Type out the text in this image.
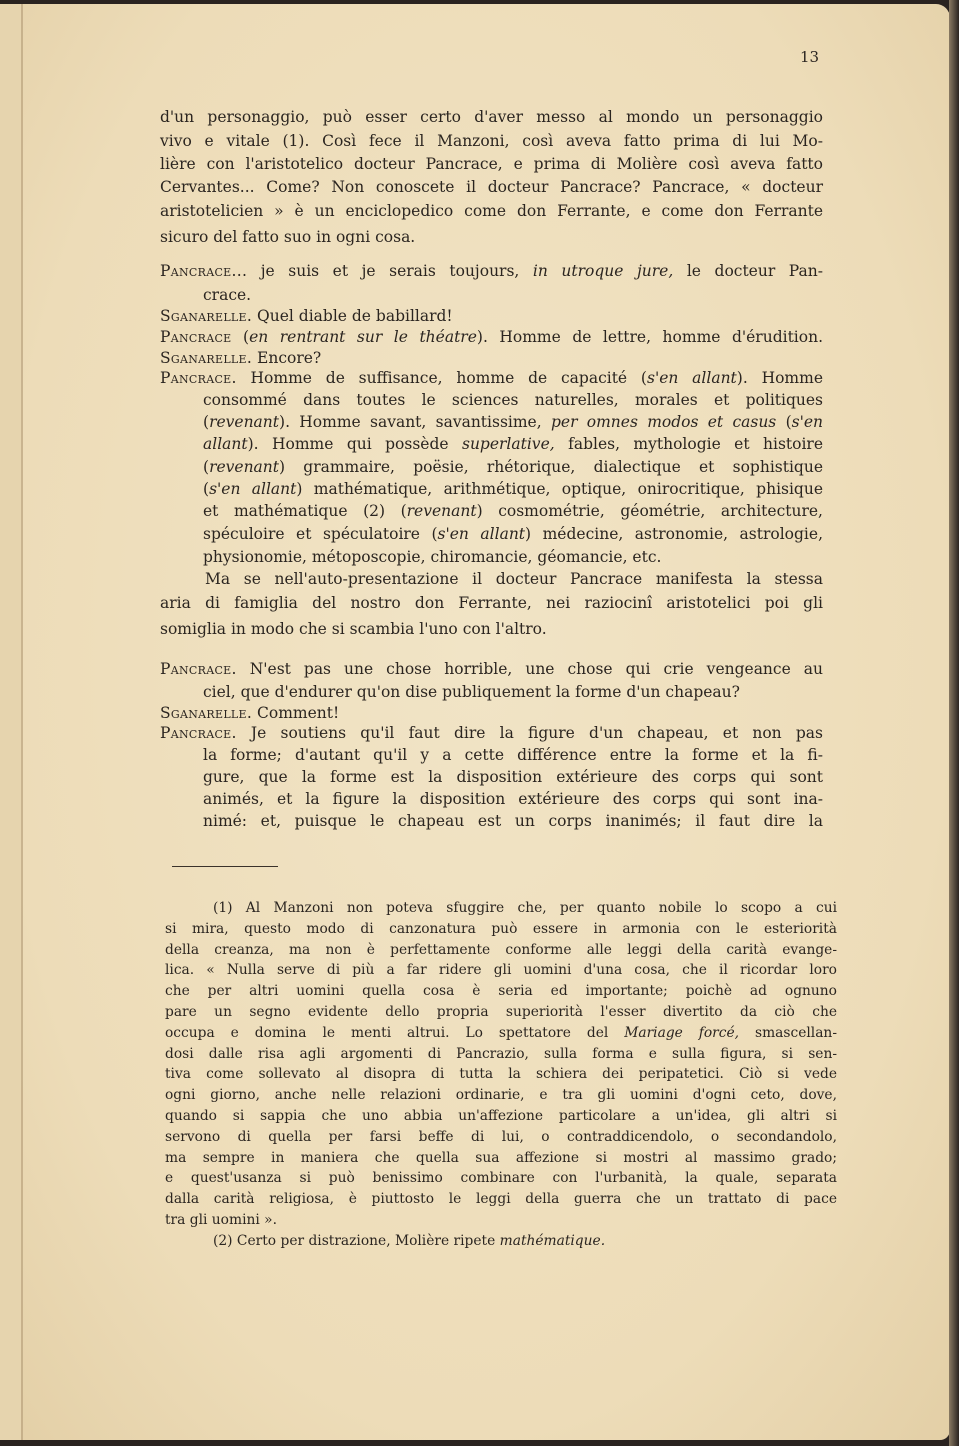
13
d'un personaggio, può esser certo d'aver messo al mondo un personaggio
vivo e vitale (1). Così fece il Manzoni, così aveva fatto prima di lui Mo-
lière con l'aristotelico docteur Pancrace, e prima di Molière così aveva fatto
Cervantes... Come? Non conoscete il docteur Pancrace? Pancrace, « docteur
aristotelicien » è un enciclopedico come don Ferrante, e come don Ferrante
sicuro del fatto suo in ogni cosa.
Pancrace... je suis et je serais toujours, in utroque jure, le docteur Pan-
crace.
Sganarelle. Quel diable de babillard!
Pancrace (en rentrant sur le théatre). Homme de lettre, homme d'érudition.
Sganarelle. Encore?
Pancrace. Homme de suffisance, homme de capacité (s'en allant). Homme
consommé dans toutes le sciences naturelles, morales et politiques
(revenant). Homme savant, savantissime, per omnes modos et casus (s'en
allant). Homme qui possède superlative, fables, mythologie et histoire
(revenant) grammaire, poësie, rhétorique, dialectique et sophistique
(s'en allant) mathématique, arithmétique, optique, onirocritique, phisique
et mathématique (2) (revenant) cosmométrie, géométrie, architecture,
spéculoire et spéculatoire (s'en allant) médecine, astronomie, astrologie,
physionomie, métoposcopie, chiromancie, géomancie, etc.
Ma se nell'auto-presentazione il docteur Pancrace manifesta la stessa
aria di famiglia del nostro don Ferrante, nei raziocinî aristotelici poi gli
somiglia in modo che si scambia l'uno con l'altro.
Pancrace. N'est pas une chose horrible, une chose qui crie vengeance au
ciel, que d'endurer qu'on dise publiquement la forme d'un chapeau?
Sganarelle. Comment!
Pancrace. Je soutiens qu'il faut dire la figure d'un chapeau, et non pas
la forme; d'autant qu'il y a cette différence entre la forme et la fi-
gure, que la forme est la disposition extérieure des corps qui sont
animés, et la figure la disposition extérieure des corps qui sont ina-
nimé: et, puisque le chapeau est un corps inanimés; il faut dire la
(1) Al Manzoni non poteva sfuggire che, per quanto nobile lo scopo a cui
si mira, questo modo di canzonatura può essere in armonia con le esteriorità
della creanza, ma non è perfettamente conforme alle leggi della carità evange-
lica. « Nulla serve di più a far ridere gli uomini d'una cosa, che il ricordar loro
che per altri uomini quella cosa è seria ed importante; poichè ad ognuno
pare un segno evidente dello propria superiorità l'esser divertito da ciò che
occupa e domina le menti altrui. Lo spettatore del Mariage forcé, smascellan-
dosi dalle risa agli argomenti di Pancrazio, sulla forma e sulla figura, si sen-
tiva come sollevato al disopra di tutta la schiera dei peripatetici. Ciò si vede
ogni giorno, anche nelle relazioni ordinarie, e tra gli uomini d'ogni ceto, dove,
quando si sappia che uno abbia un'affezione particolare a un'idea, gli altri si
servono di quella per farsi beffe di lui, o contraddicendolo, o secondandolo,
ma sempre in maniera che quella sua affezione si mostri al massimo grado;
e quest'usanza si può benissimo combinare con l'urbanità, la quale, separata
dalla carità religiosa, è piuttosto le leggi della guerra che un trattato di pace
tra gli uomini ».
(2) Certo per distrazione, Molière ripete mathématique.
